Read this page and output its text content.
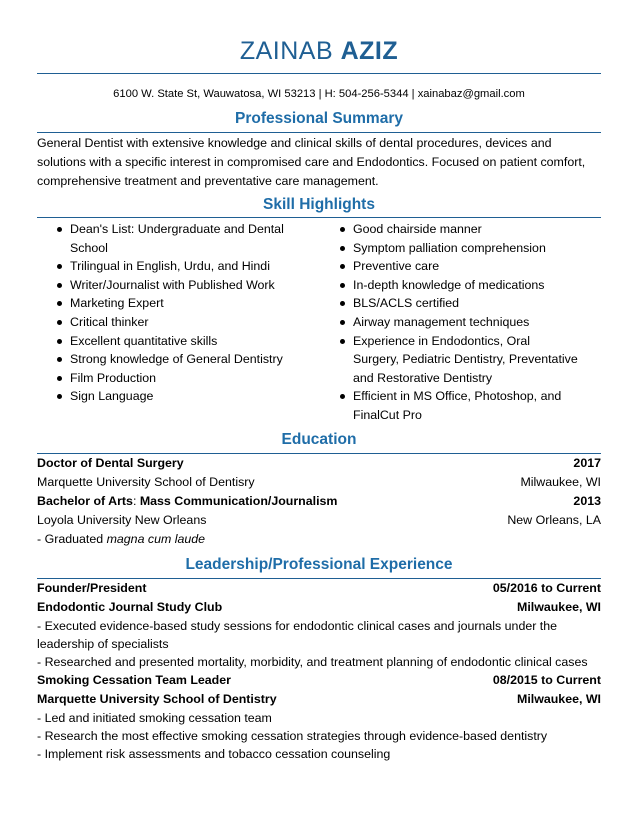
ZAINAB AZIZ
6100 W. State St, Wauwatosa, WI 53213 | H: 504-256-5344 | xainabaz@gmail.com
Professional Summary
General Dentist with extensive knowledge and clinical skills of dental procedures, devices and solutions with a specific interest in compromised care and Endodontics. Focused on patient comfort, comprehensive treatment and preventative care management.
Skill Highlights
Dean's List: Undergraduate and Dental School
Trilingual in English, Urdu, and Hindi
Writer/Journalist with Published Work
Marketing Expert
Critical thinker
Excellent quantitative skills
Strong knowledge of General Dentistry
Film Production
Sign Language
Good chairside manner
Symptom palliation comprehension
Preventive care
In-depth knowledge of medications
BLS/ACLS certified
Airway management techniques
Experience in Endodontics, Oral Surgery, Pediatric Dentistry, Preventative and Restorative Dentistry
Efficient in MS Office, Photoshop, and FinalCut Pro
Education
Doctor of Dental Surgery	2017
Marquette University School of Dentisry	Milwaukee, WI
Bachelor of Arts: Mass Communication/Journalism	2013
Loyola University New Orleans	New Orleans, LA
- Graduated magna cum laude
Leadership/Professional Experience
Founder/President	05/2016 to Current
Endodontic Journal Study Club	Milwaukee, WI
- Executed evidence-based study sessions for endodontic clinical cases and journals under the leadership of specialists
- Researched and presented mortality, morbidity, and treatment planning of endodontic clinical cases
Smoking Cessation Team Leader	08/2015 to Current
Marquette University School of Dentistry	Milwaukee, WI
- Led and initiated smoking cessation team
- Research the most effective smoking cessation strategies through evidence-based dentistry
- Implement risk assessments and tobacco cessation counseling
